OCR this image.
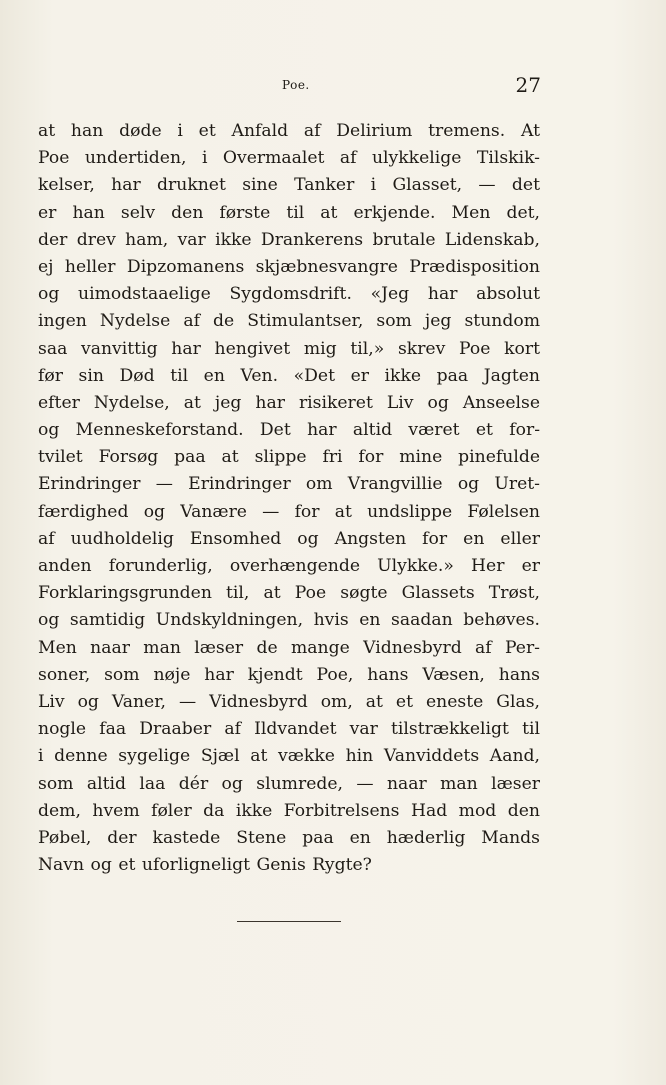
Poe.	27
at han døde i et Anfald af Delirium tremens. At
Poe undertiden, i Overmaalet af ulykkelige Tilskik-
kelser, har druknet sine Tanker i Glasset, — det
er han selv den første til at erkjende. Men det,
der drev ham, var ikke Drankerens brutale Lidenskab,
ej heller Dipzomanens skjæbnesvangre Prædisposition
og uimodstaaelige Sygdomsdrift. «Jeg har absolut
ingen Nydelse af de Stimulantser, som jeg stundom
saa vanvittig har hengivet mig til,» skrev Poe kort
før sin Død til en Ven. «Det er ikke paa Jagten
efter Nydelse, at jeg har risikeret Liv og Anseelse
og Menneskeforstand. Det har altid været et for-
tvilet Forsøg paa at slippe fri for mine pinefulde
Erindringer — Erindringer om Vrangvillie og Uret-
færdighed og Vanære — for at undslippe Følelsen
af uudholdelig Ensomhed og Angsten for en eller
anden forunderlig, overhængende Ulykke.» Her er
Forklaringsgrunden til, at Poe søgte Glassets Trøst,
og samtidig Undskyldningen, hvis en saadan behøves.
Men naar man læser de mange Vidnesbyrd af Per-
soner, som nøje har kjendt Poe, hans Væsen, hans
Liv og Vaner, — Vidnesbyrd om, at et eneste Glas,
nogle faa Draaber af Ildvandet var tilstrækkeligt til
i denne sygelige Sjæl at vække hin Vanviddets Aand,
som altid laa dér og slumrede, — naar man læser
dem, hvem føler da ikke Forbitrelsens Had mod den
Pøbel, der kastede Stene paa en hæderlig Mands
Navn og et uforligneligt Genis Rygte?
